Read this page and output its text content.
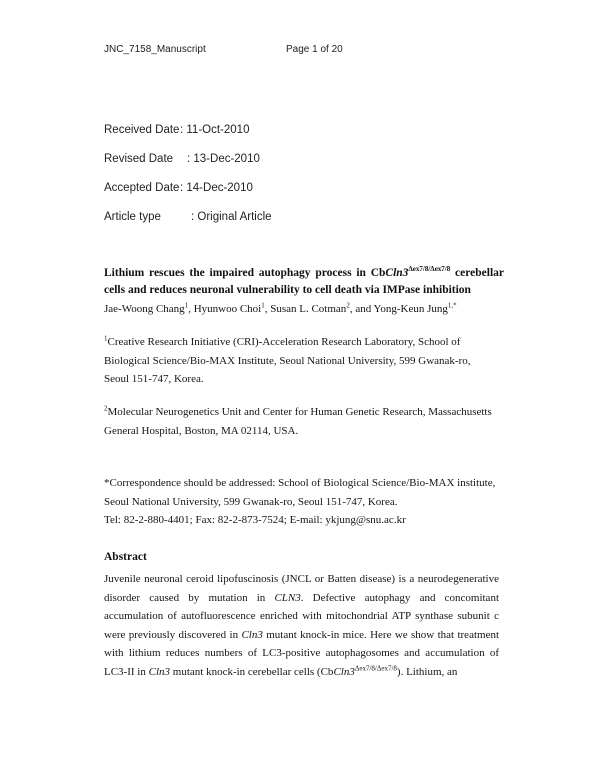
JNC_7158_Manuscript	Page 1 of 20
Received Date: 11-Oct-2010
Revised Date : 13-Dec-2010
Accepted Date: 14-Dec-2010
Article type	: Original Article
Lithium rescues the impaired autophagy process in $CbCln3^{\Delta ex7/8/\Delta ex7/8}$ cerebellar cells and reduces neuronal vulnerability to cell death via IMPase inhibition
Jae-Woong Chang$^1$, Hyunwoo Choi$^1$, Susan L. Cotman$^2$, and Yong-Keun Jung$^{1,*}$
$^1$Creative Research Initiative (CRI)-Acceleration Research Laboratory, School of
Biological Science/Bio-MAX Institute, Seoul National University, 599 Gwanak-ro,
Seoul 151-747, Korea.
$^2$Molecular Neurogenetics Unit and Center for Human Genetic Research, Massachusetts
General Hospital, Boston, MA 02114, USA.
*Correspondence should be addressed: School of Biological Science/Bio-MAX institute,
Seoul National University, 599 Gwanak-ro, Seoul 151-747, Korea.
Tel: 82-2-880-4401; Fax: 82-2-873-7524; E-mail: ykjung@snu.ac.kr
Abstract
Juvenile neuronal ceroid lipofuscinosis (JNCL or Batten disease) is a neurodegenerative disorder caused by mutation in CLN3. Defective autophagy and concomitant accumulation of autofluorescence enriched with mitochondrial ATP synthase subunit c were previously discovered in Cln3 mutant knock-in mice. Here we show that treatment with lithium reduces numbers of LC3-positive autophagosomes and accumulation of LC3-II in Cln3 mutant knock-in cerebellar cells $(CbCln3^{\Delta ex7/8/\Delta ex7/8})$. Lithium, an
